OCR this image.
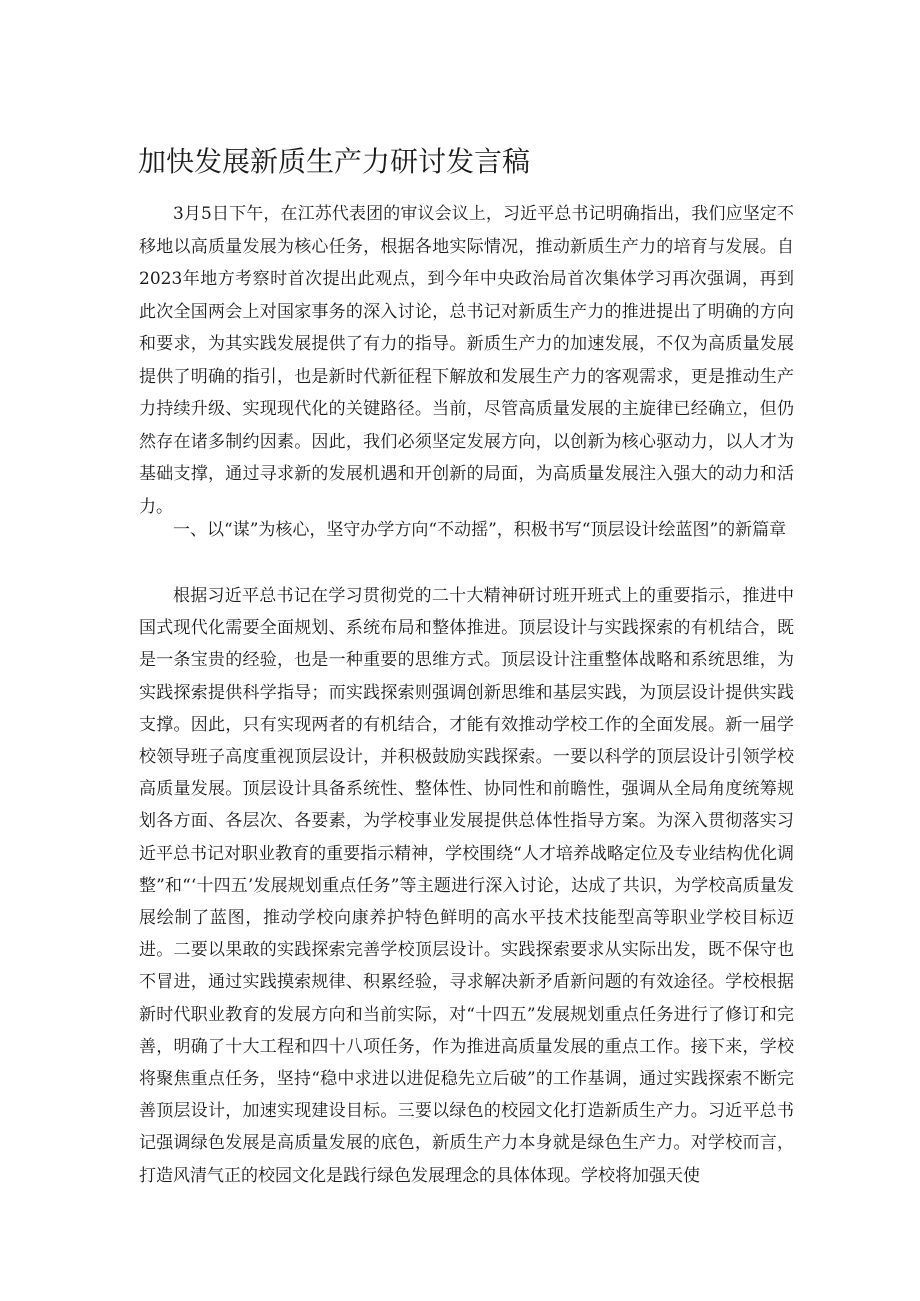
加快发展新质生产力研讨发言稿

3月5日下午，在江苏代表团的审议会议上，习近平总书记明确指出，我们应坚定不移地以高质量发展为核心任务，根据各地实际情况，推动新质生产力的培育与发展。自2023年地方考察时首次提出此观点，到今年中央政治局首次集体学习再次强调，再到此次全国两会上对国家事务的深入讨论，总书记对新质生产力的推进提出了明确的方向和要求，为其实践发展提供了有力的指导。新质生产力的加速发展，不仅为高质量发展提供了明确的指引，也是新时代新征程下解放和发展生产力的客观需求，更是推动生产力持续升级、实现现代化的关键路径。当前，尽管高质量发展的主旋律已经确立，但仍然存在诸多制约因素。因此，我们必须坚定发展方向，以创新为核心驱动力，以人才为基础支撑，通过寻求新的发展机遇和开创新的局面，为高质量发展注入强大的动力和活力。

一、以“谋”为核心，坚守办学方向“不动摇”，积极书写“顶层设计绘蓝图”的新篇章

根据习近平总书记在学习贯彻党的二十大精神研讨班开班式上的重要指示，推进中国式现代化需要全面规划、系统布局和整体推进。顶层设计与实践探索的有机结合，既是一条宝贵的经验，也是一种重要的思维方式。顶层设计注重整体战略和系统思维，为实践探索提供科学指导；而实践探索则强调创新思维和基层实践，为顶层设计提供实践支撑。因此，只有实现两者的有机结合，才能有效推动学校工作的全面发展。新一届学校领导班子高度重视顶层设计，并积极鼓励实践探索。一要以科学的顶层设计引领学校高质量发展。顶层设计具备系统性、整体性、协同性和前瞻性，强调从全局角度统筹规划各方面、各层次、各要素，为学校事业发展提供总体性指导方案。为深入贯彻落实习近平总书记对职业教育的重要指示精神，学校围绕“人才培养战略定位及专业结构优化调整”和“‘十四五’发展规划重点任务”等主题进行深入讨论，达成了共识，为学校高质量发展绘制了蓝图，推动学校向康养护特色鲜明的高水平技术技能型高等职业学校目标迈进。二要以果敢的实践探索完善学校顶层设计。实践探索要求从实际出发，既不保守也不冒进，通过实践摸索规律、积累经验，寻求解决新矛盾新问题的有效途径。学校根据新时代职业教育的发展方向和当前实际，对“十四五”发展规划重点任务进行了修订和完善，明确了十大工程和四十八项任务，作为推进高质量发展的重点工作。接下来，学校将聚焦重点任务，坚持“稳中求进以进促稳先立后破”的工作基调，通过实践探索不断完善顶层设计，加速实现建设目标。三要以绿色的校园文化打造新质生产力。习近平总书记强调绿色发展是高质量发展的底色，新质生产力本身就是绿色生产力。对学校而言，打造风清气正的校园文化是践行绿色发展理念的具体体现。学校将加强天使
